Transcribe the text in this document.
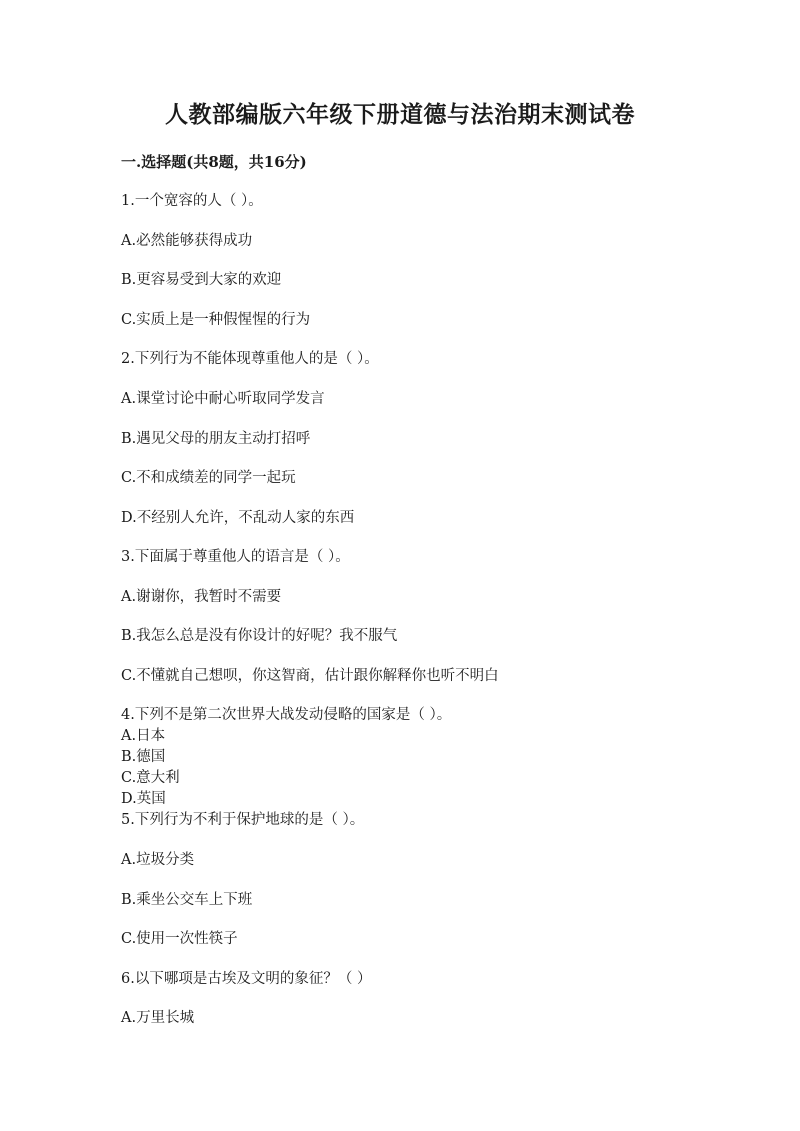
人教部编版六年级下册道德与法治期末测试卷
一.选择题(共8题，共16分)
1.一个宽容的人（ ）。
A.必然能够获得成功
B.更容易受到大家的欢迎
C.实质上是一种假惺惺的行为
2.下列行为不能体现尊重他人的是（ ）。
A.课堂讨论中耐心听取同学发言
B.遇见父母的朋友主动打招呼
C.不和成绩差的同学一起玩
D.不经别人允许，不乱动人家的东西
3.下面属于尊重他人的语言是（ ）。
A.谢谢你，我暂时不需要
B.我怎么总是没有你设计的好呢？我不服气
C.不懂就自己想呗，你这智商，估计跟你解释你也听不明白
4.下列不是第二次世界大战发动侵略的国家是（ ）。
A.日本
B.德国
C.意大利
D.英国
5.下列行为不利于保护地球的是（ ）。
A.垃圾分类
B.乘坐公交车上下班
C.使用一次性筷子
6.以下哪项是古埃及文明的象征？（ ）
A.万里长城
